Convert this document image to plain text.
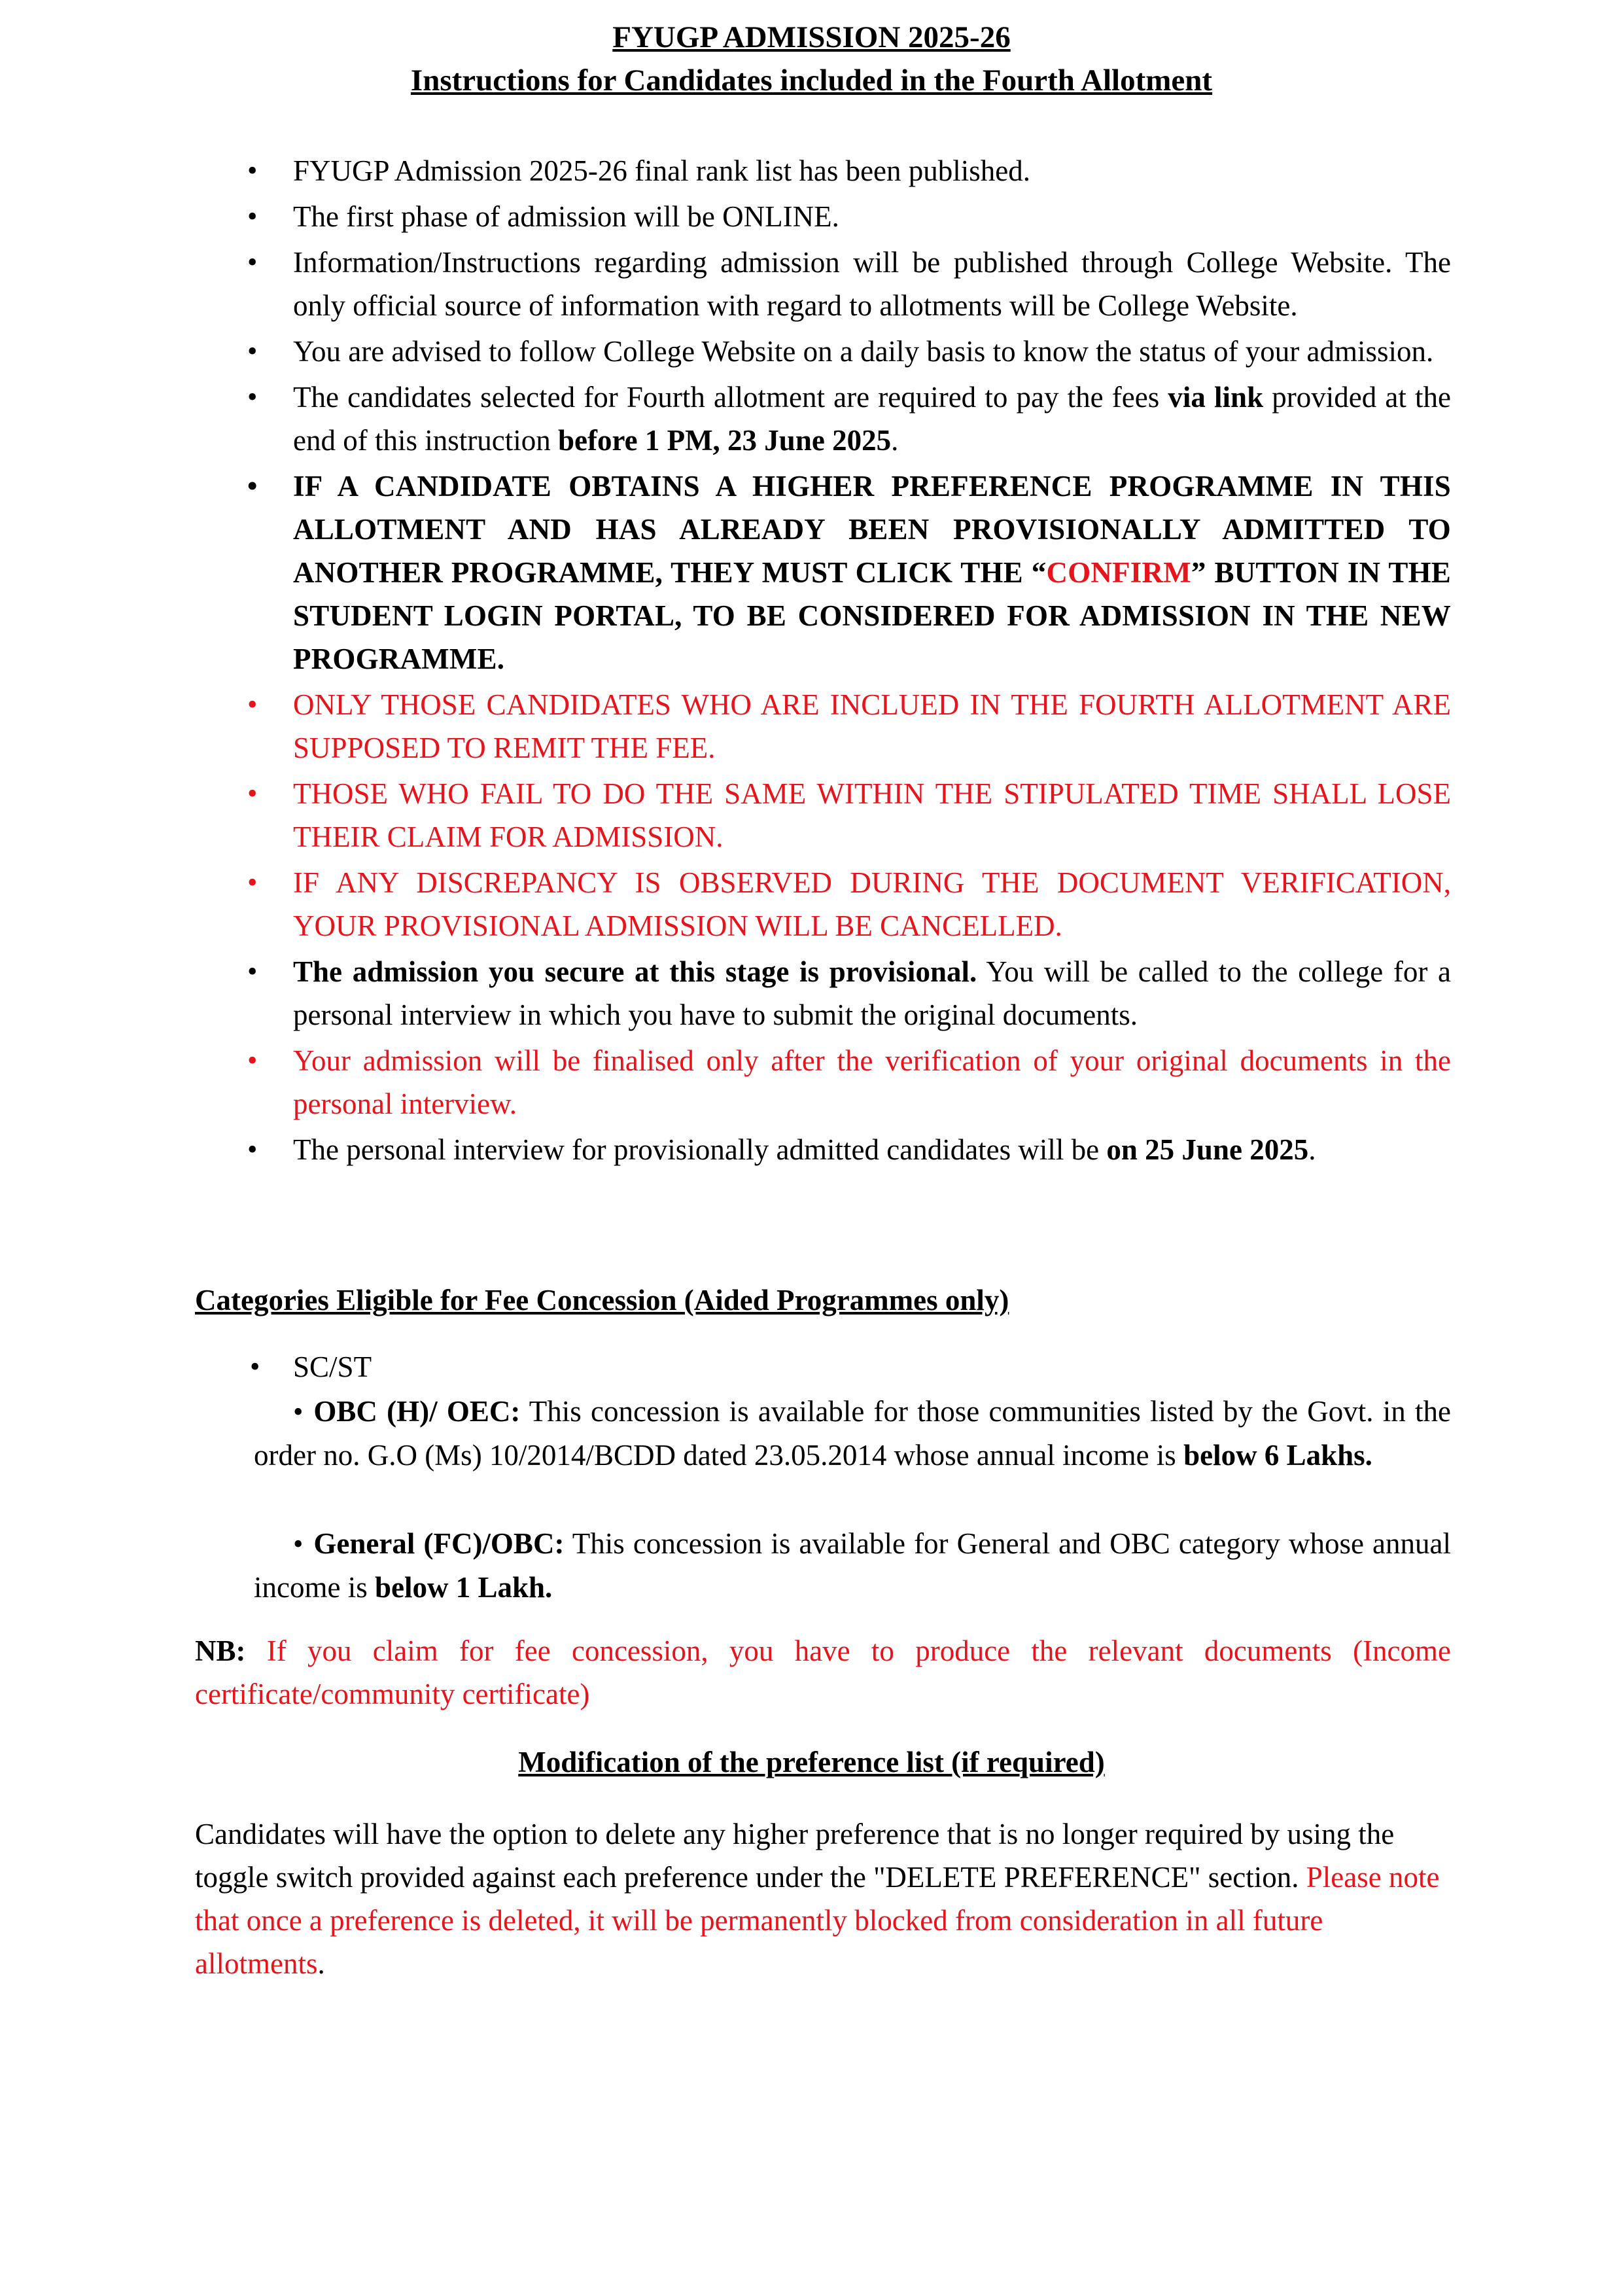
FYUGP ADMISSION 2025-26
Instructions for Candidates included in the Fourth Allotment
• FYUGP Admission 2025-26 final rank list has been published.
• The first phase of admission will be ONLINE.
• Information/Instructions regarding admission will be published through College Website. The only official source of information with regard to allotments will be College Website.
• You are advised to follow College Website on a daily basis to know the status of your admission.
• The candidates selected for Fourth allotment are required to pay the fees via link provided at the end of this instruction before 1 PM, 23 June 2025.
• IF A CANDIDATE OBTAINS A HIGHER PREFERENCE PROGRAMME IN THIS ALLOTMENT AND HAS ALREADY BEEN PROVISIONALLY ADMITTED TO ANOTHER PROGRAMME, THEY MUST CLICK THE “CONFIRM” BUTTON IN THE STUDENT LOGIN PORTAL, TO BE CONSIDERED FOR ADMISSION IN THE NEW PROGRAMME.
• ONLY THOSE CANDIDATES WHO ARE INCLUED IN THE FOURTH ALLOTMENT ARE SUPPOSED TO REMIT THE FEE.
• THOSE WHO FAIL TO DO THE SAME WITHIN THE STIPULATED TIME SHALL LOSE THEIR CLAIM FOR ADMISSION.
• IF ANY DISCREPANCY IS OBSERVED DURING THE DOCUMENT VERIFICATION, YOUR PROVISIONAL ADMISSION WILL BE CANCELLED.
• The admission you secure at this stage is provisional. You will be called to the college for a personal interview in which you have to submit the original documents.
• Your admission will be finalised only after the verification of your original documents in the personal interview.
• The personal interview for provisionally admitted candidates will be on 25 June 2025.
Categories Eligible for Fee Concession (Aided Programmes only)
• SC/ST
• OBC (H)/ OEC: This concession is available for those communities listed by the Govt. in the order no. G.O (Ms) 10/2014/BCDD dated 23.05.2014 whose annual income is below 6 Lakhs.
• General (FC)/OBC: This concession is available for General and OBC category whose annual income is below 1 Lakh.
NB: If you claim for fee concession, you have to produce the relevant documents (Income certificate/community certificate)
Modification of the preference list (if required)
Candidates will have the option to delete any higher preference that is no longer required by using the toggle switch provided against each preference under the "DELETE PREFERENCE" section. Please note that once a preference is deleted, it will be permanently blocked from consideration in all future allotments.
